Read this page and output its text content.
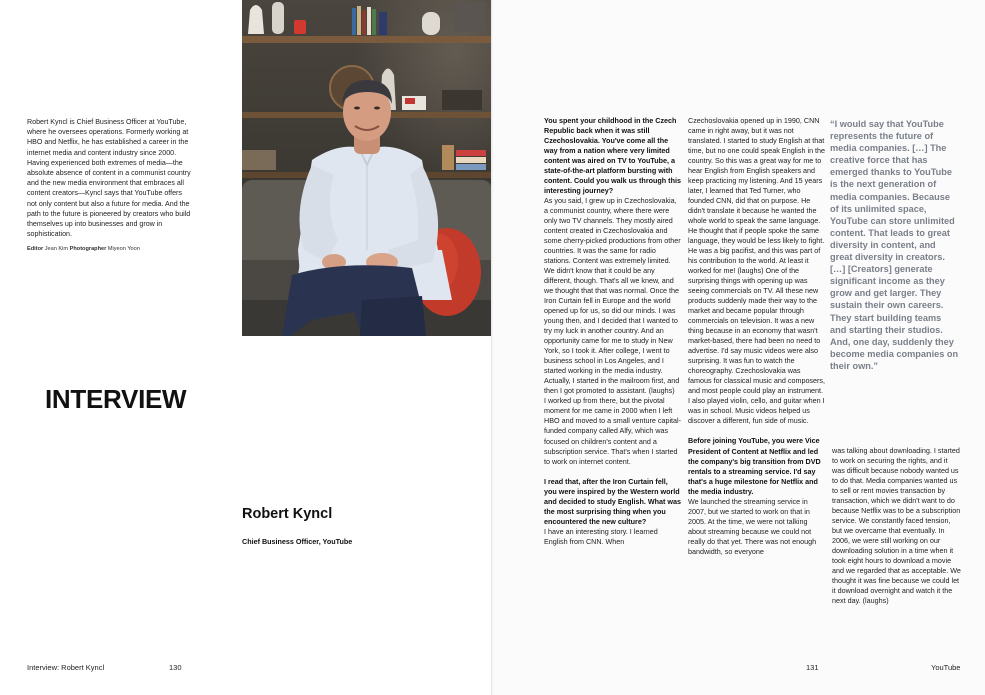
Robert Kyncl is Chief Business Officer at YouTube, where he oversees operations. Formerly working at HBO and Netflix, he has established a career in the internet media and content industry since 2000. Having experienced both extremes of media—the absolute absence of content in a communist country and the new media environment that embraces all content creators—Kyncl says that YouTube offers not only content but also a future for media. And the path to the future is pioneered by creators who build themselves up into businesses and grow in sophistication.

Editor Jean Kim Photographer Miyeon Yoon

INTERVIEW
Robert Kyncl

Chief Business Officer, YouTube

Interview: Robert Kyncl	130

You spent your childhood in the Czech Republic back when it was still Czechoslovakia. You've come all the way from a nation where very limited content was aired on TV to YouTube, a state-of-the-art platform bursting with content. Could you walk us through this interesting journey?

As you said, I grew up in Czechoslovakia, a communist country, where there were only two TV channels. They mostly aired content created in Czechoslovakia and some cherry-picked productions from other countries. It was the same for radio stations. Content was extremely limited. We didn't know that it could be any different, though. That's all we knew, and we thought that that was normal. Once the Iron Curtain fell in Europe and the world opened up for us, so did our minds. I was young then, and I decided that I wanted to try my luck in another country. And an opportunity came for me to study in New York, so I took it. After college, I went to business school in Los Angeles, and I started working in the media industry. Actually, I started in the mailroom first, and then I got promoted to assistant. (laughs)

I worked up from there, but the pivotal moment for me came in 2000 when I left HBO and moved to a small venture capital-funded company called Alfy, which was focused on children's content and a subscription service. That's when I started to work on internet content.

I read that, after the Iron Curtain fell, you were inspired by the Western world and decided to study English. What was the most surprising thing when you encountered the new culture?

I have an interesting story. I learned English from CNN. When

Czechoslovakia opened up in 1990, CNN came in right away, but it was not translated. I started to study English at that time, but no one could speak English in the country. So this was a great way for me to hear English from English speakers and keep practicing my listening. And 15 years later, I learned that Ted Turner, who founded CNN, did that on purpose. He didn't translate it because he wanted the whole world to speak the same language. He thought that if people spoke the same language, they would be less likely to fight. He was a big pacifist, and this was part of his contribution to the world. At least it worked for me! (laughs) One of the surprising things with opening up was seeing commercials on TV. All these new products suddenly made their way to the market and became popular through commercials on television. It was a new thing because in an economy that wasn't market-based, there had been no need to advertise. I'd say music videos were also surprising. It was fun to watch the choreography. Czechoslovakia was famous for classical music and composers, and most people could play an instrument. I also played violin, cello, and guitar when I was in school. Music videos helped us discover a different, fun side of music.

Before joining YouTube, you were Vice President of Content at Netflix and led the company's big transition from DVD rentals to a streaming service. I'd say that's a huge milestone for Netflix and the media industry.

We launched the streaming service in 2007, but we started to work on that in 2005. At the time, we were not talking about streaming because we could not really do that yet. There was not enough bandwidth, so everyone

“I would say that YouTube represents the future of media companies. […] The creative force that has emerged thanks to YouTube is the next generation of media companies. Because of its unlimited space, YouTube can store unlimited content. That leads to great diversity in content, and great diversity in creators. […] [Creators] generate significant income as they grow and get larger. They sustain their own careers. They start building teams and starting their studios. And, one day, suddenly they become media companies on their own.”

was talking about downloading. I started to work on securing the rights, and it was difficult because nobody wanted us to do that. Media companies wanted us to sell or rent movies transaction by transaction, which we didn't want to do because Netflix was to be a subscription service. We constantly faced tension, but we overcame that eventually. In 2006, we were still working on our downloading solution in a time when it took eight hours to download a movie and we regarded that as acceptable. We thought it was fine because we could let it download overnight and watch it the next day. (laughs)

131	YouTube
